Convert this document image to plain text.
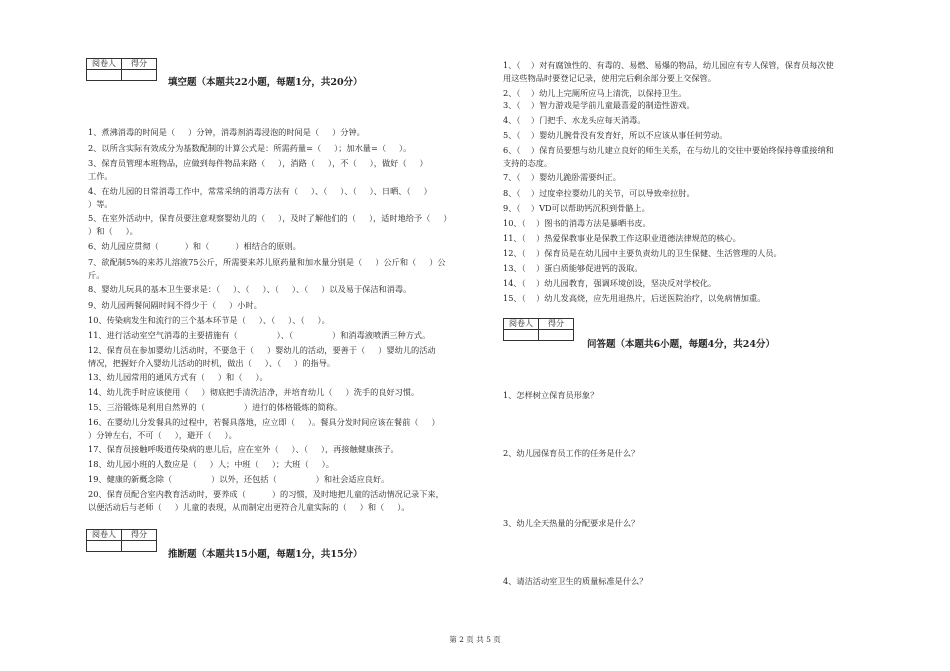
阅卷人	得分

填空题（本题共22小题，每题1分，共20分）
1、煮沸消毒的时间是（     ）分钟，消毒剂消毒浸泡的时间是（     ）分钟。
2、以所含实际有效成分为基数配制的计算公式是：所需药量=（     ）；加水量=（     ）。
3、保育员管理本班物品，应做到每件物品来路（     ），消路（     ），不（     ），做好（     ）
工作。
4、在幼儿园的日常消毒工作中，常常采纳的消毒方法有（     ）、（     ）、（     ）、日晒、（     ）
）等。
5、在室外活动中，保育员要注意观察婴幼儿的（     ），及时了解他们的（     ），适时地给予（     ）
）和（     ）。
6、幼儿园应贯彻（          ）和（          ）相结合的原则。
7、欲配制5%的来苏儿溶液75公斤，所需要来苏儿原药量和加水量分别是（     ）公斤和（     ）公
斤。
8、婴幼儿玩具的基本卫生要求是：（     ）、（     ）、（     ）、（     ）以及易于保洁和消毒。
9、幼儿园两餐间隔时间不得少于（     ）小时。
10、传染病发生和流行的三个基本环节是（     ）、（     ）、（     ）。
11、进行活动室空气消毒的主要措施有（               ）、（               ）和消毒液喷洒三种方式。
12、保育员在参加婴幼儿活动时，不要急于（     ）婴幼儿的活动，要善于（     ）婴幼儿的活动
情况，把握好介入婴幼儿活动的时机，做出（     ）、（     ）的指导。
13、幼儿园常用的通风方式有（     ）和（     ）。
14、幼儿洗手时应该使用（     ）彻底把手清洗洁净，并培育幼儿（     ）洗手的良好习惯。
15、三浴锻炼是利用自然界的（               ）进行的体格锻炼的简称。
16、在婴幼儿分发餐具的过程中，若餐具落地，应立即（     ）。餐具分发时间应该在餐前（     ）
）分钟左右，不可（     ），避开（     ）。
17、保育员接触呼吸道传染病的患儿后，应在室外（     ）、（     ），再接触健康孩子。
18、幼儿园小班的人数应是（     ）人；中班（     ）；大班（     ）。
19、健康的新概念除（               ）以外，还包括（               ）和社会适应良好。
20、保育员配合室内教育活动时，要养成（          ）的习惯，及时地把儿童的活动情况记录下来，
以便活动后与老师（     ）儿童的表现，从而制定出更符合儿童实际的（     ）和（     ）。
阅卷人	得分

推断题（本题共15小题，每题1分，共15分）
1、（    ）对有腐蚀性的、有毒的、易燃、易爆的物品，幼儿园应有专人保管，保育员每次使
用这些物品时要登记记录，使用完后剩余部分要上交保管。
2、（    ）幼儿上完厕所应马上清洗，以保持卫生。
3、（    ）智力游戏是学前儿童最喜爱的制造性游戏。
4、（    ）门把手、水龙头应每天消毒。
5、（    ）婴幼儿腕骨没有发育好，所以不应该从事任何劳动。
6、（    ）保育员要想与幼儿建立良好的师生关系，在与幼儿的交往中要始终保持尊重接纳和
支持的态度。
7、（    ）婴幼儿跪卧需要纠正。
8、（    ）过度牵拉婴幼儿的关节，可以导致牵拉肘。
9、（    ）VD可以帮助钙沉积到骨骼上。
10、（    ）图书的消毒方法是暴晒书皮。
11、（    ）热爱保教事业是保教工作这职业道德法律规范的核心。
12、（    ）保育员是在幼儿园中主要负责幼儿的卫生保健、生活管理的人员。
13、（    ）蛋白质能够促进钙的汲取。
14、（    ）幼儿园教育，强调环境创设，坚决反对学校化。
15、（    ）幼儿发高烧，应先用退热片，后送医院治疗，以免病情加重。
阅卷人	得分

问答题（本题共6小题，每题4分，共24分）
1、怎样树立保育员形象？
2、幼儿园保育员工作的任务是什么？
3、幼儿全天热量的分配要求是什么？
4、请洁活动室卫生的质量标准是什么？
第 2 页 共 5 页
